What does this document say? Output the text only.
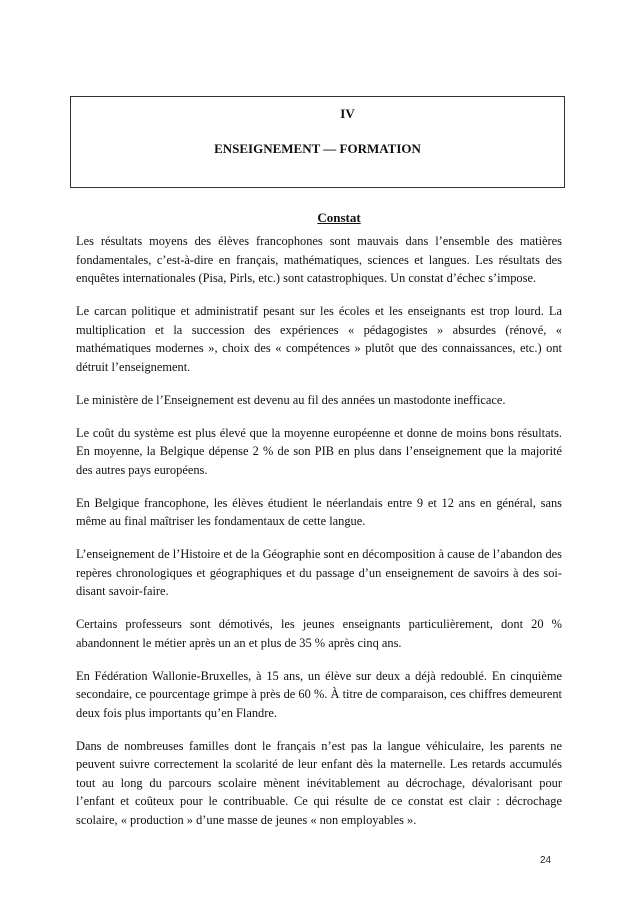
IV
ENSEIGNEMENT — FORMATION
Constat

Les résultats moyens des élèves francophones sont mauvais dans l’ensemble des matières fondamentales, c’est-à-dire en français, mathématiques, sciences et langues. Les résultats des enquêtes internationales (Pisa, Pirls, etc.) sont catastrophiques. Un constat d’échec s’impose.

Le carcan politique et administratif pesant sur les écoles et les enseignants est trop lourd. La multiplication et la succession des expériences « pédagogistes » absurdes (rénové, « mathématiques modernes », choix des « compétences » plutôt que des connaissances, etc.) ont détruit l’enseignement.

Le ministère de l’Enseignement est devenu au fil des années un mastodonte inefficace.

Le coût du système est plus élevé que la moyenne européenne et donne de moins bons résultats. En moyenne, la Belgique dépense 2 % de son PIB en plus dans l’enseignement que la majorité des autres pays européens.

En Belgique francophone, les élèves étudient le néerlandais entre 9 et 12 ans en général, sans même au final maîtriser les fondamentaux de cette langue.

L’enseignement de l’Histoire et de la Géographie sont en décomposition à cause de l’abandon des repères chronologiques et géographiques et du passage d’un enseignement de savoirs à des soi-disant savoir-faire.

Certains professeurs sont démotivés, les jeunes enseignants particulièrement, dont 20 % abandonnent le métier après un an et plus de 35 % après cinq ans.

En Fédération Wallonie-Bruxelles, à 15 ans, un élève sur deux a déjà redoublé. En cinquième secondaire, ce pourcentage grimpe à près de 60 %. À titre de comparaison, ces chiffres demeurent deux fois plus importants qu’en Flandre.

Dans de nombreuses familles dont le français n’est pas la langue véhiculaire, les parents ne peuvent suivre correctement la scolarité de leur enfant dès la maternelle. Les retards accumulés tout au long du parcours scolaire mènent inévitablement au décrochage, dévalorisant pour l’enfant et coûteux pour le contribuable. Ce qui résulte de ce constat est clair : décrochage scolaire, « production » d’une masse de jeunes « non employables ».

24
